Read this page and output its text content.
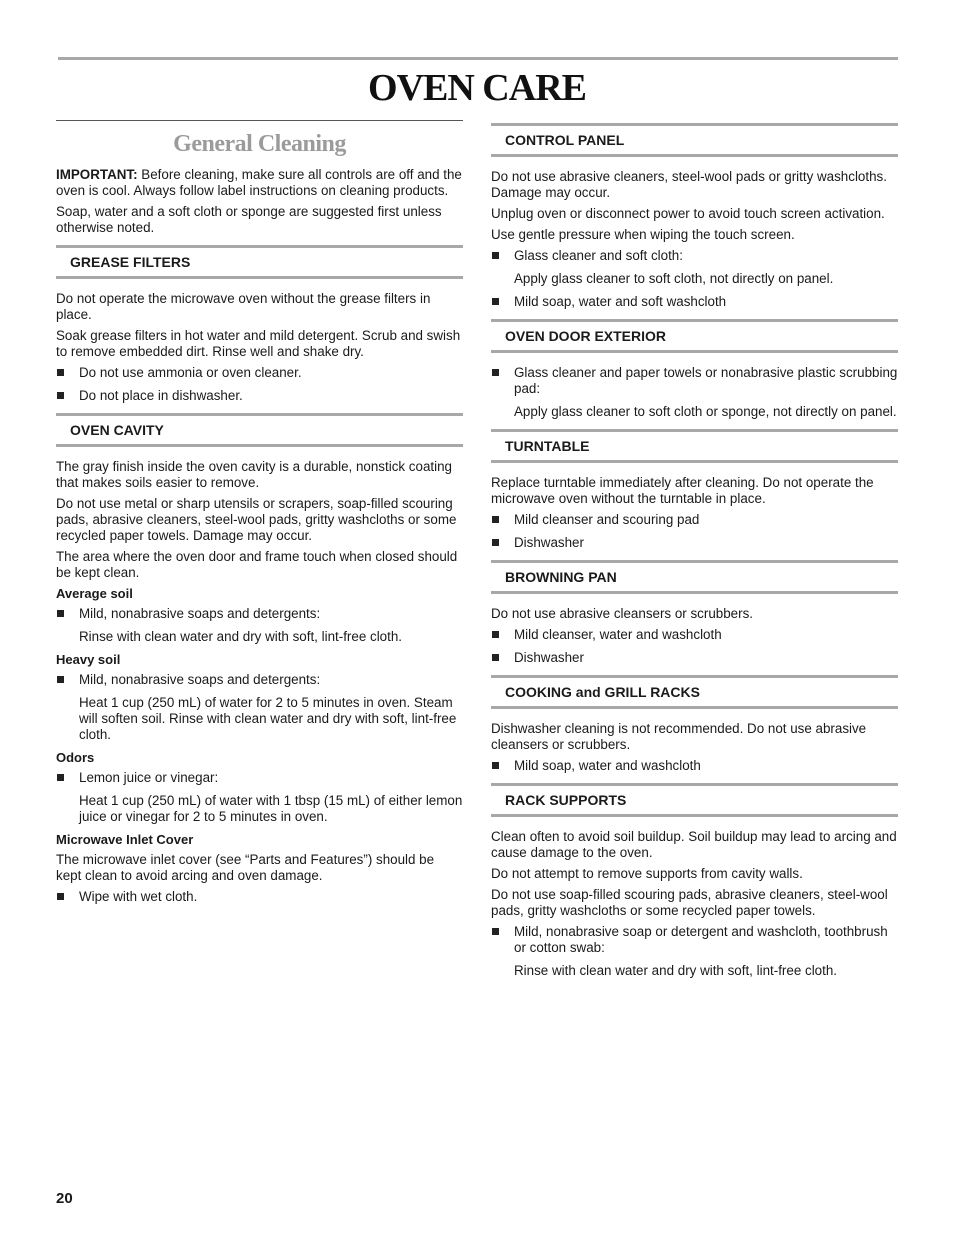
OVEN CARE
General Cleaning

IMPORTANT: Before cleaning, make sure all controls are off and the oven is cool. Always follow label instructions on cleaning products.

Soap, water and a soft cloth or sponge are suggested first unless otherwise noted.

GREASE FILTERS

Do not operate the microwave oven without the grease filters in place.

Soak grease filters in hot water and mild detergent. Scrub and swish to remove embedded dirt. Rinse well and shake dry.

Do not use ammonia or oven cleaner.
Do not place in dishwasher.
OVEN CAVITY

The gray finish inside the oven cavity is a durable, nonstick coating that makes soils easier to remove.

Do not use metal or sharp utensils or scrapers, soap-filled scouring pads, abrasive cleaners, steel-wool pads, gritty washcloths or some recycled paper towels. Damage may occur.

The area where the oven door and frame touch when closed should be kept clean.

Average soil
Mild, nonabrasive soaps and detergents:
Rinse with clean water and dry with soft, lint-free cloth.
Heavy soil
Mild, nonabrasive soaps and detergents:
Heat 1 cup (250 mL) of water for 2 to 5 minutes in oven. Steam will soften soil. Rinse with clean water and dry with soft, lint-free cloth.
Odors
Lemon juice or vinegar:
Heat 1 cup (250 mL) of water with 1 tbsp (15 mL) of either lemon juice or vinegar for 2 to 5 minutes in oven.
Microwave Inlet Cover

The microwave inlet cover (see “Parts and Features”) should be kept clean to avoid arcing and oven damage.

Wipe with wet cloth.
CONTROL PANEL

Do not use abrasive cleaners, steel-wool pads or gritty washcloths. Damage may occur.

Unplug oven or disconnect power to avoid touch screen activation.

Use gentle pressure when wiping the touch screen.

Glass cleaner and soft cloth:
Apply glass cleaner to soft cloth, not directly on panel.
Mild soap, water and soft washcloth
OVEN DOOR EXTERIOR
Glass cleaner and paper towels or nonabrasive plastic scrubbing pad:
Apply glass cleaner to soft cloth or sponge, not directly on panel.
TURNTABLE

Replace turntable immediately after cleaning. Do not operate the microwave oven without the turntable in place.

Mild cleanser and scouring pad
Dishwasher
BROWNING PAN

Do not use abrasive cleansers or scrubbers.

Mild cleanser, water and washcloth
Dishwasher
COOKING and GRILL RACKS

Dishwasher cleaning is not recommended. Do not use abrasive cleansers or scrubbers.

Mild soap, water and washcloth
RACK SUPPORTS

Clean often to avoid soil buildup. Soil buildup may lead to arcing and cause damage to the oven.

Do not attempt to remove supports from cavity walls.

Do not use soap-filled scouring pads, abrasive cleaners, steel-wool pads, gritty washcloths or some recycled paper towels.

Mild, nonabrasive soap or detergent and washcloth, toothbrush or cotton swab:
Rinse with clean water and dry with soft, lint-free cloth.
20
